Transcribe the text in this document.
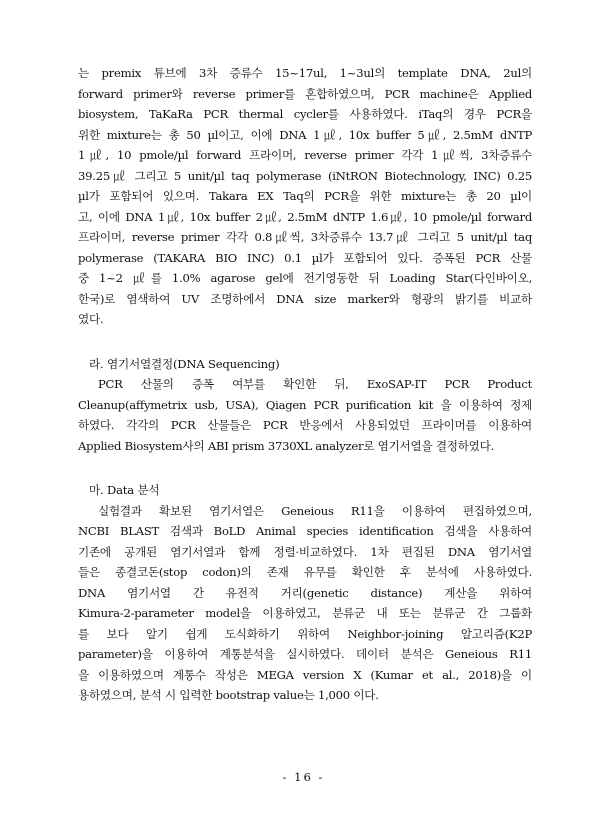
는 premix 튜브에 3차 증류수 15~17ul, 1~3ul의 template DNA, 2ul의
forward primer와 reverse primer를 혼합하였으며, PCR machine은 Applied
biosystem, TaKaRa PCR thermal cycler를 사용하였다. iTaq의 경우 PCR을
위한 mixture는 총 50 µl이고, 이에 DNA 1㎕, 10x buffer 5㎕, 2.5mM dNTP
1㎕, 10 pmole/µl forward 프라이머, reverse primer 각각 1㎕씩, 3차증류수
39.25㎕ 그리고 5 unit/µl taq polymerase (iNtRON Biotechnology, INC) 0.25
µl가 포함되어 있으며. Takara EX Taq의 PCR을 위한 mixture는 총 20 µl이
고, 이에 DNA 1㎕, 10x buffer 2㎕, 2.5mM dNTP 1.6㎕, 10 pmole/µl forward
프라이머, reverse primer 각각 0.8㎕씩, 3차증류수 13.7㎕ 그리고 5 unit/µl taq
polymerase (TAKARA BIO INC) 0.1 µl가 포함되어 있다. 증폭된 PCR 산물
중 1~2 ㎕를 1.0% agarose gel에 전기영동한 뒤 Loading Star(다인바이오,
한국)로 염색하여 UV 조명하에서 DNA size marker와 형광의 밝기를 비교하
였다.
라. 염기서열결정(DNA Sequencing)
PCR 산물의 증폭 여부를 확인한 뒤, ExoSAP-IT PCR Product
Cleanup(affymetrix usb, USA), Qiagen PCR purification kit 을 이용하여 정제
하였다. 각각의 PCR 산물들은 PCR 반응에서 사용되었던 프라이머를 이용하여
Applied Biosystem사의 ABI prism 3730XL analyzer로 염기서열을 결정하였다.
마. Data 분석
실험결과 확보된 염기서열은 Geneious R11을 이용하여 편집하였으며,
NCBI BLAST 검색과 BoLD Animal species identification 검색을 사용하여
기존에 공개된 염기서열과 함께 정렬·비교하였다. 1차 편집된 DNA 염기서열
들은 종결코돈(stop codon)의 존재 유무를 확인한 후 분석에 사용하였다.
DNA 염기서열 간 유전적 거리(genetic distance) 계산을 위하여
Kimura-2-parameter model을 이용하였고, 분류군 내 또는 분류군 간 그룹화
를 보다 알기 쉽게 도식화하기 위하여 Neighbor-joining 알고리즘(K2P
parameter)을 이용하여 계통분석을 실시하였다. 데이터 분석은 Geneious R11
을 이용하였으며 계통수 작성은 MEGA version X (Kumar et al., 2018)을 이
용하였으며, 분석 시 입력한 bootstrap value는 1,000 이다.
- 16 -
